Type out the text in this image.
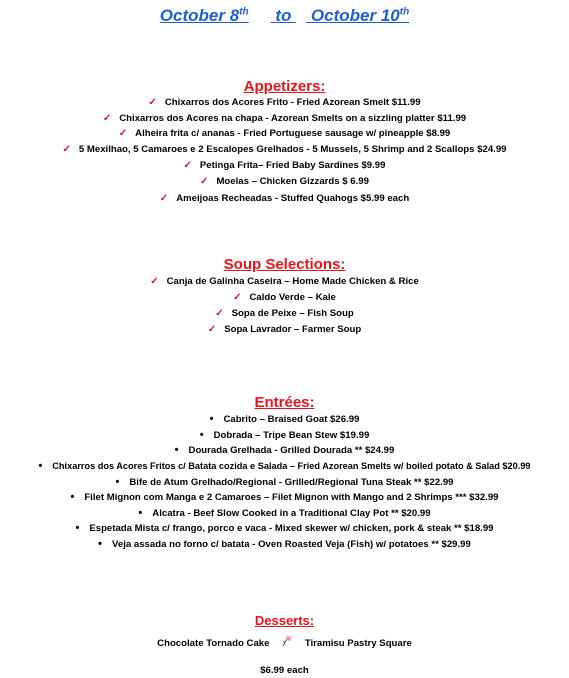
October 8th to October 10th
Appetizers:
✓ Chixarros dos Acores Frito - Fried Azorean Smelt $11.99
✓ Chixarros dos Acores na chapa - Azorean Smelts on a sizzling platter $11.99
✓ Alheira frita c/ ananas - Fried Portuguese sausage w/ pineapple $8.99
✓ 5 Mexilhao, 5 Camaroes e 2 Escalopes Grelhados - 5 Mussels, 5 Shrimp and 2 Scallops $24.99
✓ Petinga Frita– Fried Baby Sardines $9.99
✓ Moelas – Chicken Gizzards $ 6.99
✓ Ameijoas Recheadas - Stuffed Quahogs $5.99 each
Soup Selections:
✓ Canja de Galinha Caseira – Home Made Chicken & Rice
✓ Caldo Verde – Kale
✓ Sopa de Peixe – Fish Soup
✓ Sopa Lavrador – Farmer Soup
Entrées:
• Cabrito – Braised Goat $26.99
• Dobrada – Tripe Bean Stew $19.99
• Dourada Grelhada - Grilled Dourada ** $24.99
• Chixarros dos Acores Fritos c/ Batata cozida e Salada – Fried Azorean Smelts w/ boiled potato & Salad $20.99
• Bife de Atum Grelhado/Regional - Grilled/Regional Tuna Steak ** $22.99
• Filet Mignon com Manga e 2 Camaroes – Filet Mignon with Mango and 2 Shrimps *** $32.99
• Alcatra - Beef Slow Cooked in a Traditional Clay Pot ** $20.99
• Espetada Mista c/ frango, porco e vaca - Mixed skewer w/ chicken, pork & steak ** $18.99
• Veja assada no forno c/ batata - Oven Roasted Veja (Fish) w/ potatoes ** $29.99
Desserts:
Chocolate Tornado Cake	Tiramisu Pastry Square
$6.99 each
